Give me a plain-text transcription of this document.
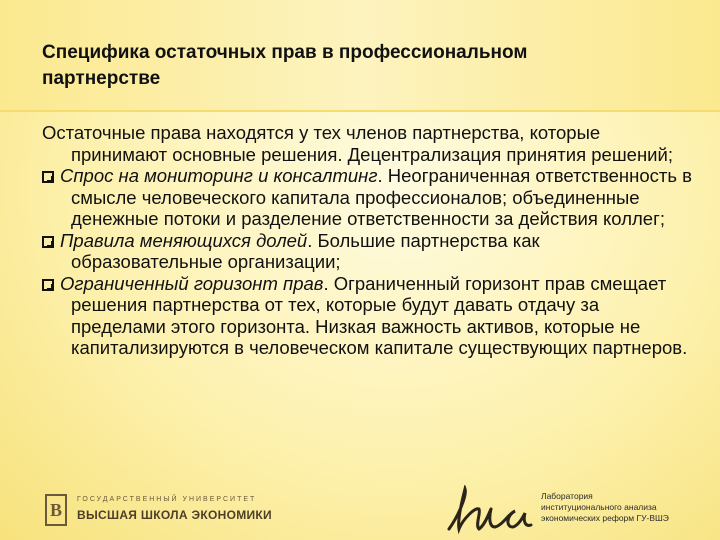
Специфика остаточных прав в профессиональном
партнерстве

Остаточные права находятся у тех членов партнерства, которые принимают основные решения. Децентрализация принятия решений;

Спрос на мониторинг и консалтинг. Неограниченная ответственность в смысле человеческого капитала профессионалов; объединенные денежные потоки и разделение ответственности за действия коллег;

Правила меняющихся долей. Большие партнерства как образовательные организации;

Ограниченный горизонт прав. Ограниченный горизонт прав смещает решения партнерства от тех, которые будут давать отдачу за пределами этого горизонта. Низкая важность активов, которые не капитализируются в человеческом капитале существующих партнеров.

В
ГОСУДАРСТВЕННЫЙ УНИВЕРСИТЕТ
ВЫСШАЯ ШКОЛА ЭКОНОМИКИ
Лаборатория
институционального анализа
экономических реформ ГУ-ВШЭ
